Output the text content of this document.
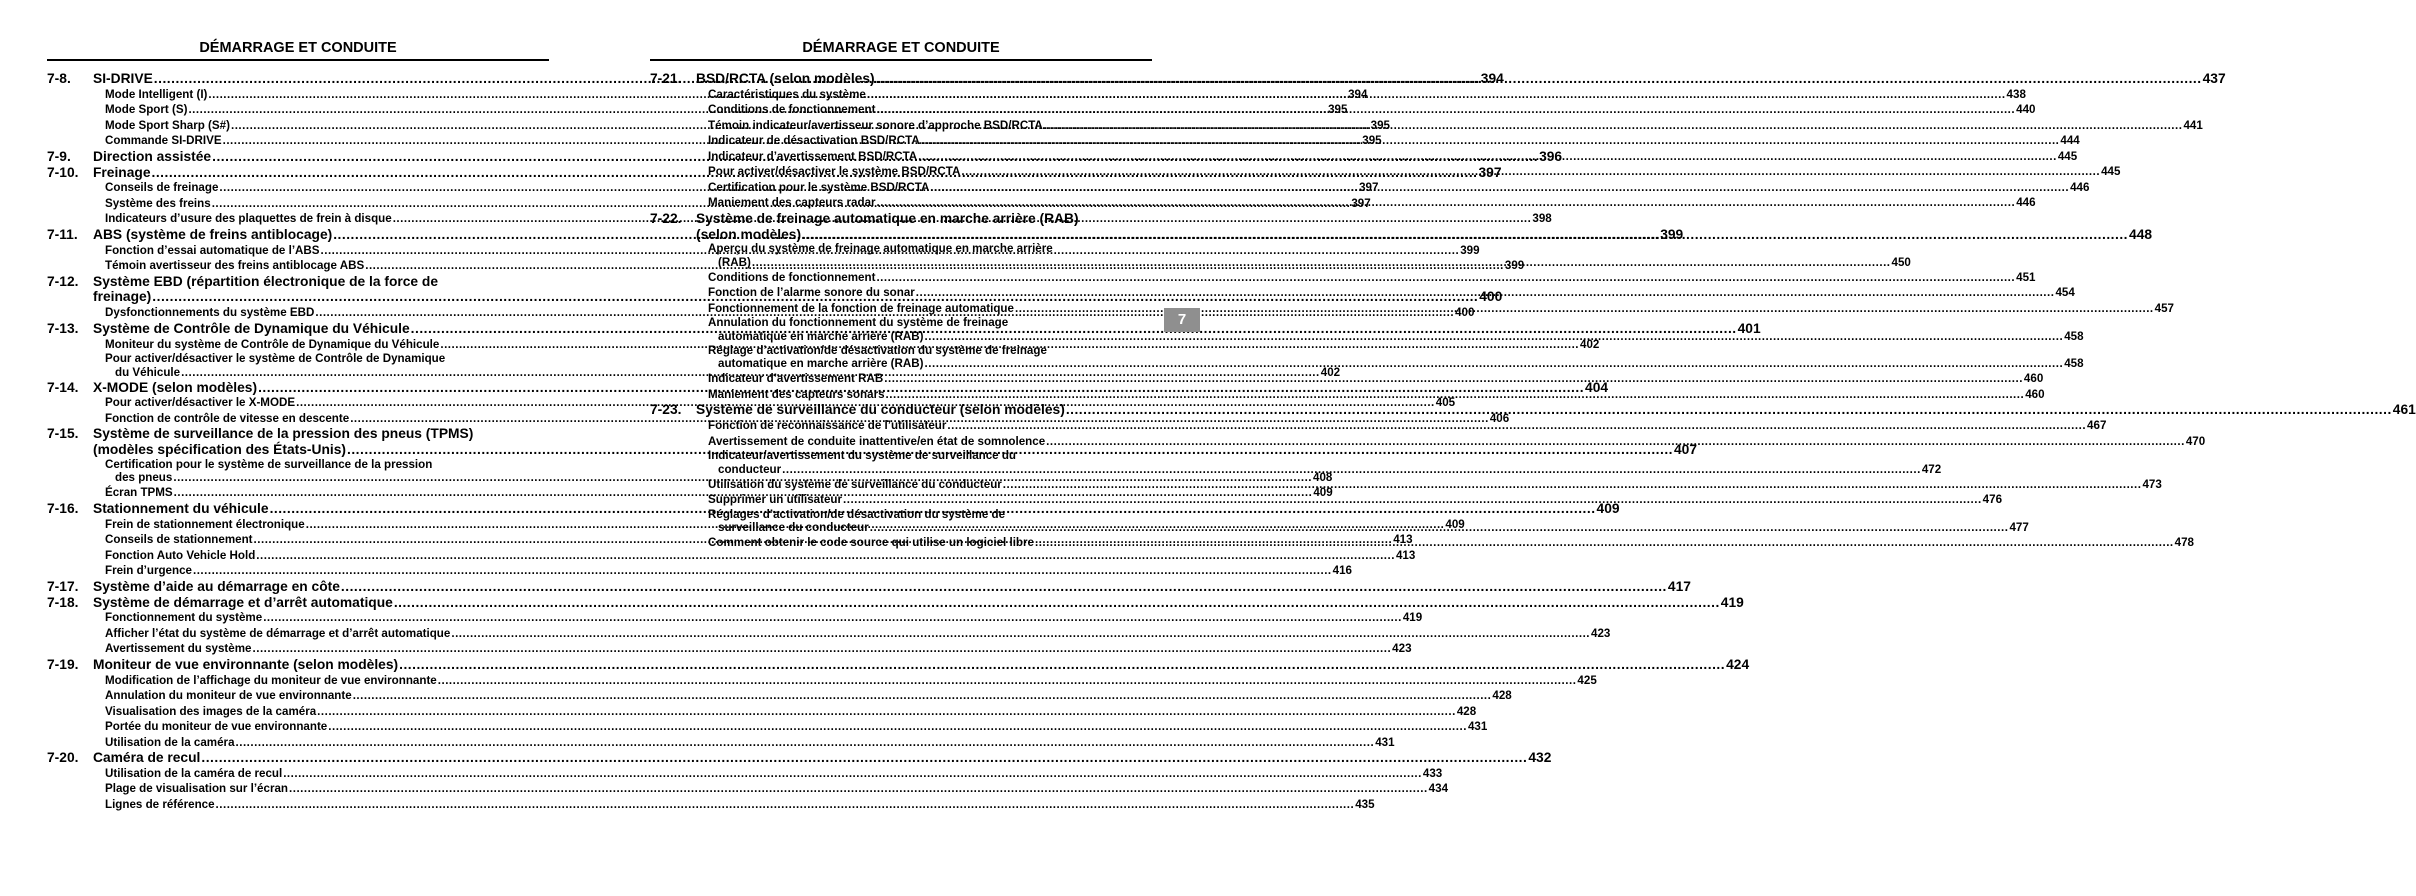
DÉMARRAGE ET CONDUITE
7-8.	SI-DRIVE .....	394
Mode Intelligent (I) .....	394
Mode Sport (S) .....	395
Mode Sport Sharp (S#) .....	395
Commande SI-DRIVE .....	395
7-9.	Direction assistée .....	396
7-10.	Freinage .....	397
Conseils de freinage .....	397
Système des freins .....	397
Indicateurs d’usure des plaquettes de frein à disque .....	398
7-11.	ABS (système de freins antiblocage) .....	399
Fonction d’essai automatique de l’ABS .....	399
Témoin avertisseur des freins antiblocage ABS .....	399
7-12.	Système EBD (répartition électronique de la force de
freinage) .....	400
Dysfonctionnements du système EBD .....	400
7-13.	Système de Contrôle de Dynamique du Véhicule .....	401
Moniteur du système de Contrôle de Dynamique du Véhicule .....	402
Pour activer/désactiver le système de Contrôle de Dynamique
du Véhicule .....	402
7-14.	X-MODE (selon modèles) .....	404
Pour activer/désactiver le X-MODE .....	405
Fonction de contrôle de vitesse en descente .....	406
7-15.	Système de surveillance de la pression des pneus (TPMS)
(modèles spécification des États-Unis) .....	407
Certification pour le système de surveillance de la pression
des pneus .....	408
Écran TPMS .....	409
7-16.	Stationnement du véhicule .....	409
Frein de stationnement électronique .....	409
Conseils de stationnement .....	413
Fonction Auto Vehicle Hold .....	413
Frein d’urgence .....	416
7-17.	Système d’aide au démarrage en côte .....	417
7-18.	Système de démarrage et d’arrêt automatique .....	419
Fonctionnement du système .....	419
Afficher l’état du système de démarrage et d’arrêt automatique .....	423
Avertissement du système .....	423
7-19.	Moniteur de vue environnante (selon modèles) .....	424
Modification de l’affichage du moniteur de vue environnante .....	425
Annulation du moniteur de vue environnante .....	428
Visualisation des images de la caméra .....	428
Portée du moniteur de vue environnante .....	431
Utilisation de la caméra .....	431
7-20.	Caméra de recul .....	432
Utilisation de la caméra de recul .....	433
Plage de visualisation sur l’écran .....	434
Lignes de référence .....	435
DÉMARRAGE ET CONDUITE
7-21.	BSD/RCTA (selon modèles) .....	437
Caractéristiques du système .....	438
Conditions de fonctionnement .....	440
Témoin indicateur/avertisseur sonore d’approche BSD/RCTA .....	441
Indicateur de désactivation BSD/RCTA .....	444
Indicateur d’avertissement BSD/RCTA .....	445
Pour activer/désactiver le système BSD/RCTA .....	445
Certification pour le système BSD/RCTA .....	446
Maniement des capteurs radar .....	446
7-22.	Système de freinage automatique en marche arrière (RAB)
(selon modèles) .....	448
Aperçu du système de freinage automatique en marche arrière
(RAB) .....	450
Conditions de fonctionnement .....	451
Fonction de l’alarme sonore du sonar .....	454
Fonctionnement de la fonction de freinage automatique .....	457
Annulation du fonctionnement du système de freinage
automatique en marche arrière (RAB) .....	458
Réglage d’activation/de désactivation du système de freinage
automatique en marche arrière (RAB) .....	458
Indicateur d’avertissement RAB .....	460
Maniement des capteurs sonars .....	460
7-23.	Système de surveillance du conducteur (selon modèles) .....	461
Fonction de reconnaissance de l’utilisateur .....	467
Avertissement de conduite inattentive/en état de somnolence .....	470
Indicateur/avertissement du système de surveillance du
conducteur .....	472
Utilisation du système de surveillance du conducteur .....	473
Supprimer un utilisateur .....	476
Réglages d’activation/de désactivation du système de
surveillance du conducteur .....	477
Comment obtenir le code source qui utilise un logiciel libre .....	478
7
